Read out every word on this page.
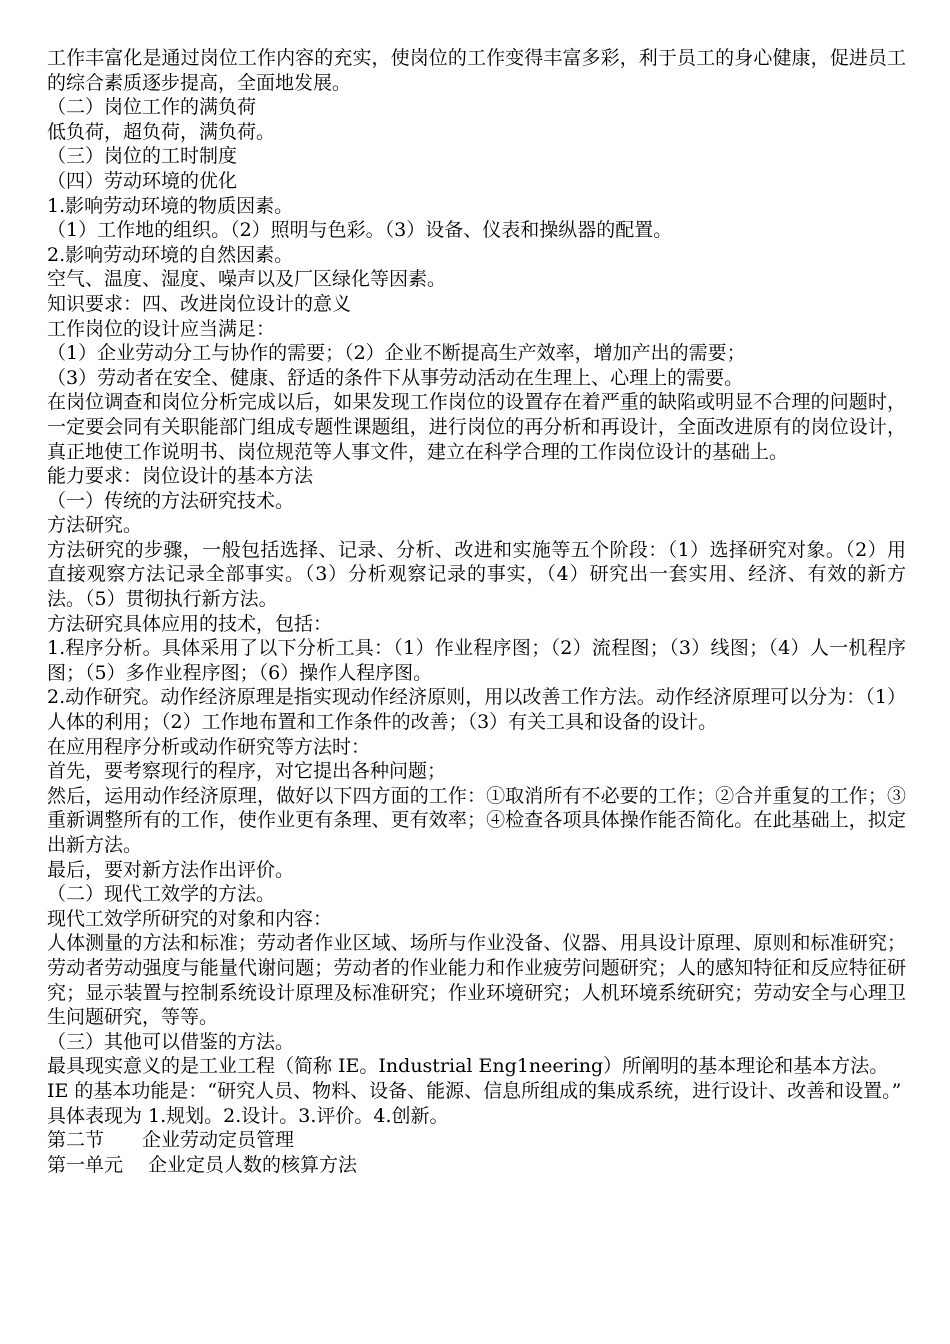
工作丰富化是通过岗位工作内容的充实，使岗位的工作变得丰富多彩，利于员工的身心健康，促进员工的综合素质逐步提高，全面地发展。

（二）岗位工作的满负荷

低负荷，超负荷，满负荷。

（三）岗位的工时制度

（四）劳动环境的优化

1.影响劳动环境的物质因素。

（1）工作地的组织。（2）照明与色彩。（3）设备、仪表和操纵器的配置。

2.影响劳动环境的自然因素。

空气、温度、湿度、噪声以及厂区绿化等因素。

知识要求：四、改进岗位设计的意义

工作岗位的设计应当满足：

（1）企业劳动分工与协作的需要；（2）企业不断提高生产效率，增加产出的需要；

（3）劳动者在安全、健康、舒适的条件下从事劳动活动在生理上、心理上的需要。

在岗位调查和岗位分析完成以后，如果发现工作岗位的设置存在着严重的缺陷或明显不合理的问题时，一定要会同有关职能部门组成专题性课题组，进行岗位的再分析和再设计，全面改进原有的岗位设计，真正地使工作说明书、岗位规范等人事文件，建立在科学合理的工作岗位设计的基础上。

能力要求：岗位设计的基本方法

（一）传统的方法研究技术。

方法研究。

方法研究的步骤，一般包括选择、记录、分析、改进和实施等五个阶段：（1）选择研究对象。（2）用直接观察方法记录全部事实。（3）分析观察记录的事实，（4）研究出一套实用、经济、有效的新方法。（5）贯彻执行新方法。

方法研究具体应用的技术，包括：

1.程序分析。具体采用了以下分析工具：（1）作业程序图；（2）流程图；（3）线图；（4）人一机程序图；（5）多作业程序图；（6）操作人程序图。

2.动作研究。动作经济原理是指实现动作经济原则，用以改善工作方法。动作经济原理可以分为：（1）人体的利用；（2）工作地布置和工作条件的改善；（3）有关工具和设备的设计。

在应用程序分析或动作研究等方法时：

首先，要考察现行的程序，对它提出各种问题；

然后，运用动作经济原理，做好以下四方面的工作：①取消所有不必要的工作；②合并重复的工作；③重新调整所有的工作，使作业更有条理、更有效率；④检查各项具体操作能否简化。在此基础上，拟定出新方法。

最后，要对新方法作出评价。

（二）现代工效学的方法。

现代工效学所研究的对象和内容：

人体测量的方法和标准；劳动者作业区域、场所与作业没备、仪器、用具设计原理、原则和标准研究；劳动者劳动强度与能量代谢问题；劳动者的作业能力和作业疲劳问题研究；人的感知特征和反应特征研究；显示装置与控制系统设计原理及标准研究；作业环境研究；人机环境系统研究；劳动安全与心理卫生问题研究，等等。

（三）其他可以借鉴的方法。

最具现实意义的是工业工程（简称 IE。Industrial Eng1neering）所阐明的基本理论和基本方法。

IE 的基本功能是：“研究人员、物料、设备、能源、信息所组成的集成系统，进行设计、改善和设置。”

具体表现为 1.规划。2.设计。3.评价。4.创新。

第二节　　企业劳动定员管理

第一单元　 企业定员人数的核算方法
